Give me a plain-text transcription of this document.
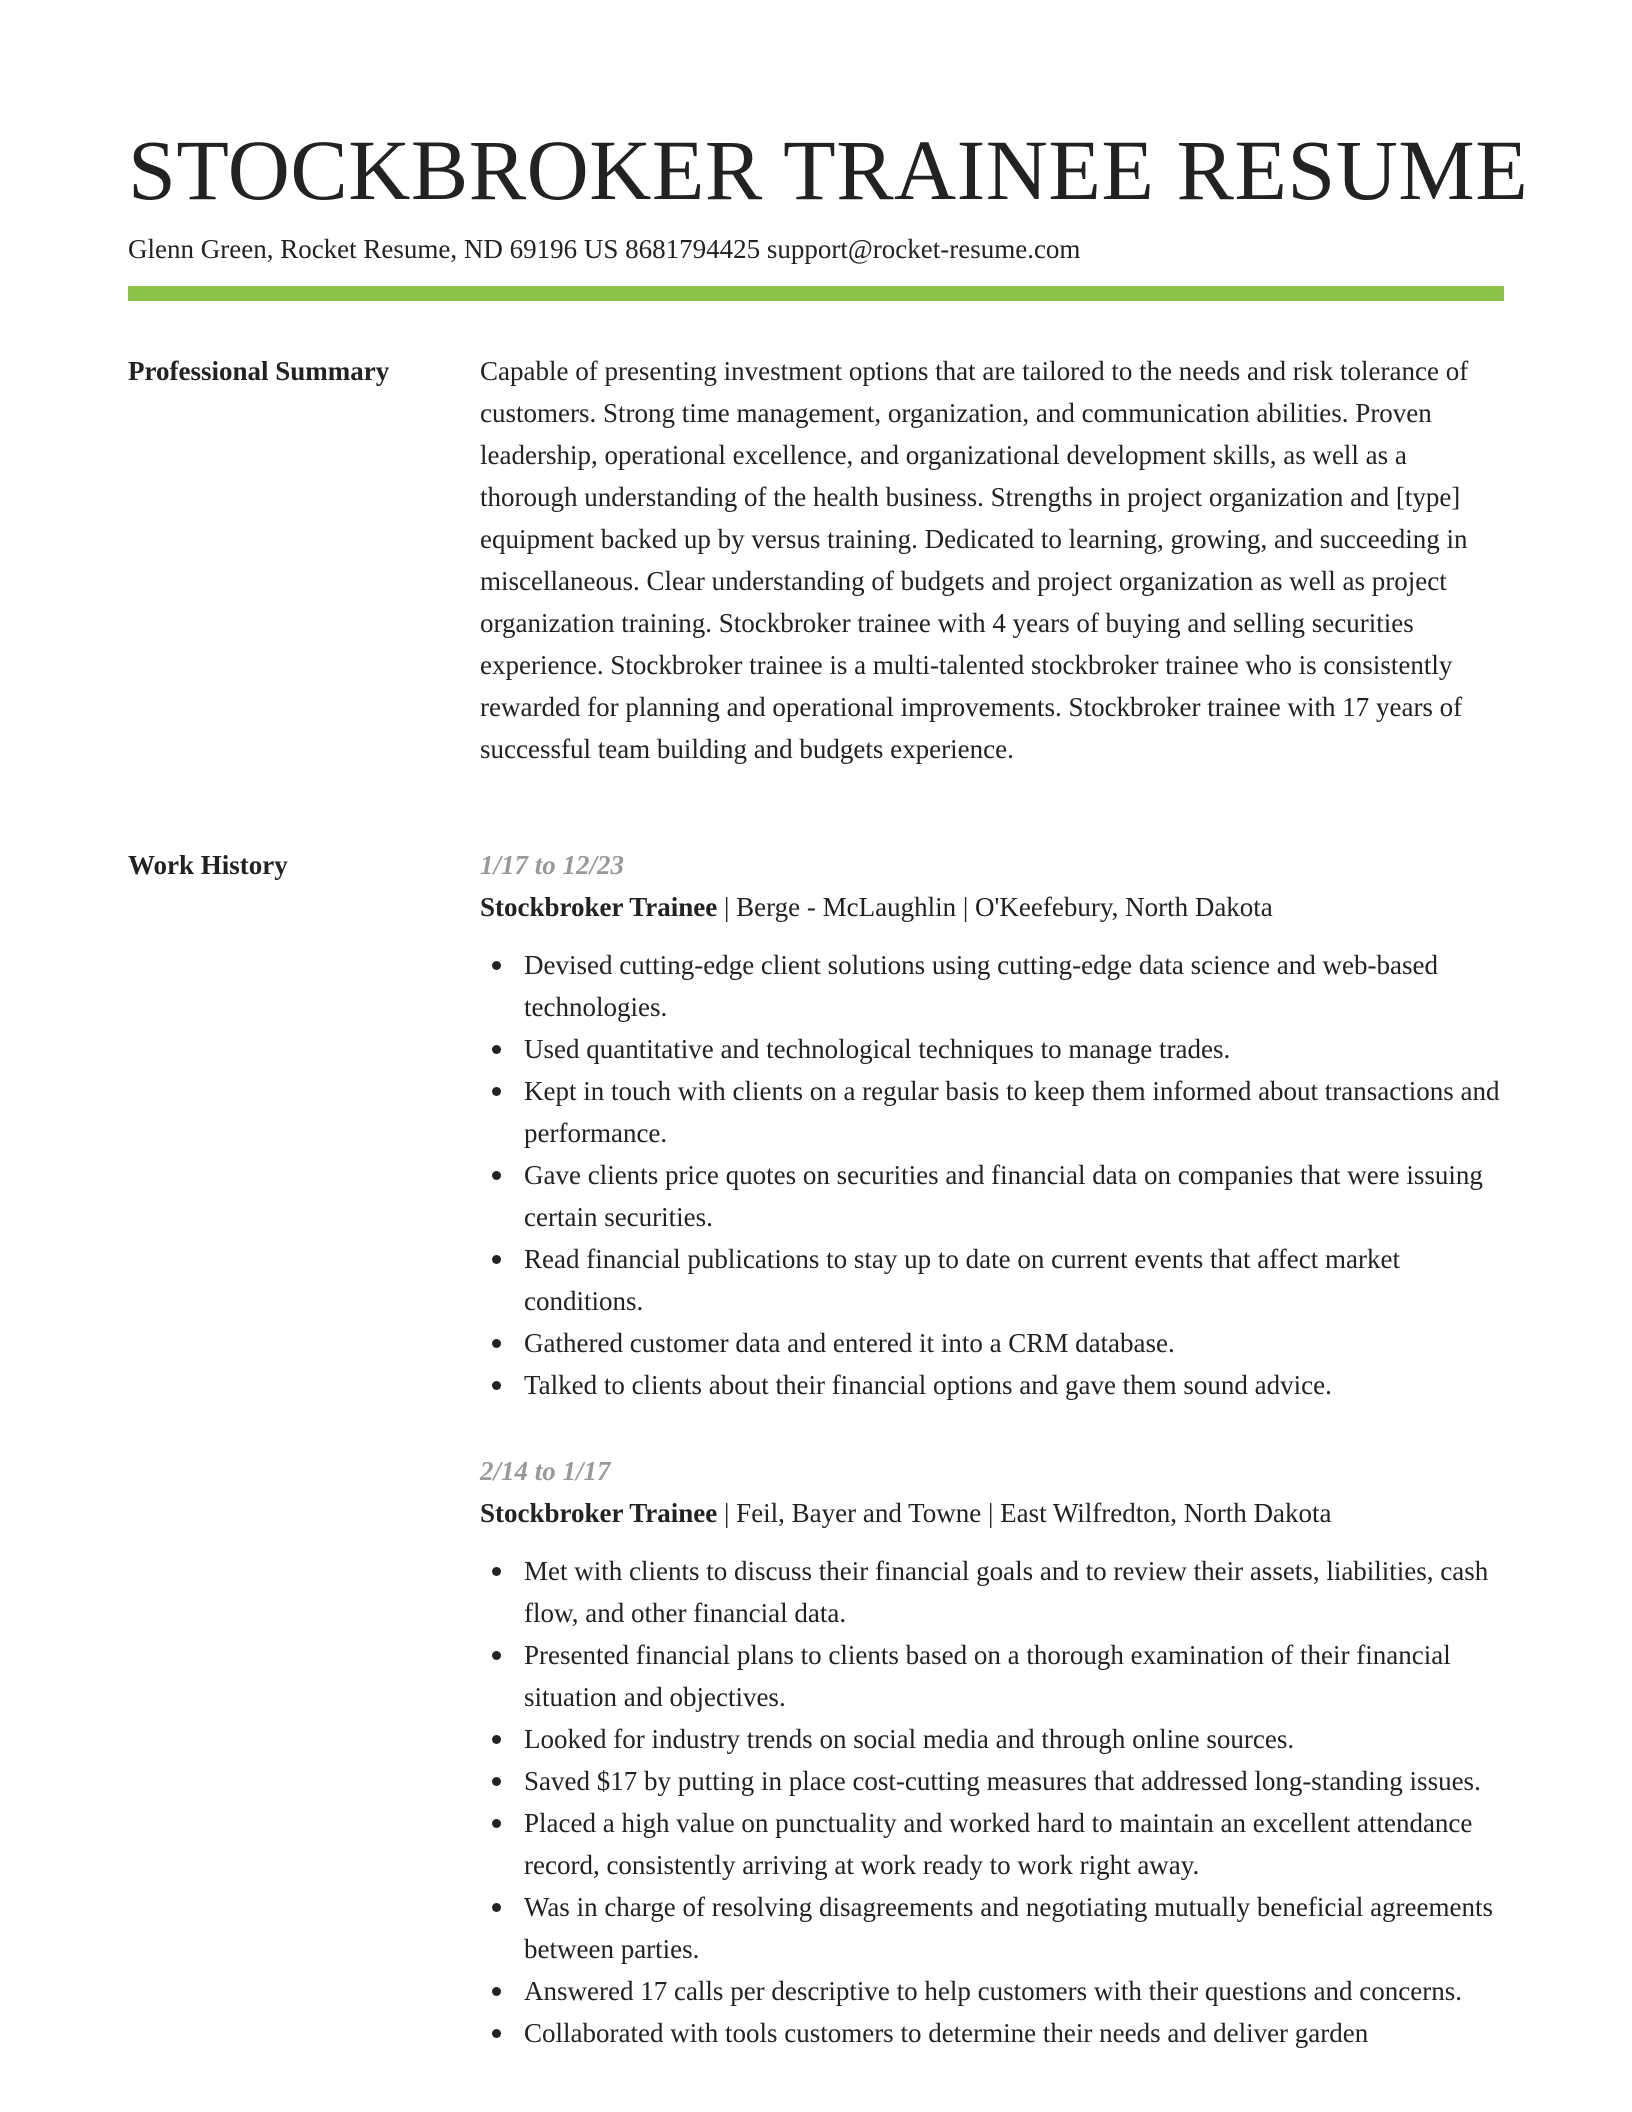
STOCKBROKER TRAINEE RESUME
Glenn Green, Rocket Resume, ND 69196 US 8681794425 support@rocket-resume.com
Professional Summary	Capable of presenting investment options that are tailored to the needs and risk tolerance of customers. Strong time management, organization, and communication abilities. Proven leadership, operational excellence, and organizational development skills, as well as a thorough understanding of the health business. Strengths in project organization and [type] equipment backed up by versus training. Dedicated to learning, growing, and succeeding in miscellaneous. Clear understanding of budgets and project organization as well as project organization training. Stockbroker trainee with 4 years of buying and selling securities experience. Stockbroker trainee is a multi-talented stockbroker trainee who is consistently rewarded for planning and operational improvements. Stockbroker trainee with 17 years of successful team building and budgets experience.

Work History	1/17 to 12/23
Stockbroker Trainee | Berge - McLaughlin | O'Keefebury, North Dakota
Devised cutting-edge client solutions using cutting-edge data science and web-based technologies.
Used quantitative and technological techniques to manage trades.
Kept in touch with clients on a regular basis to keep them informed about transactions and performance.
Gave clients price quotes on securities and financial data on companies that were issuing certain securities.
Read financial publications to stay up to date on current events that affect market conditions.
Gathered customer data and entered it into a CRM database.
Talked to clients about their financial options and gave them sound advice.
2/14 to 1/17
Stockbroker Trainee | Feil, Bayer and Towne | East Wilfredton, North Dakota
Met with clients to discuss their financial goals and to review their assets, liabilities, cash flow, and other financial data.
Presented financial plans to clients based on a thorough examination of their financial situation and objectives.
Looked for industry trends on social media and through online sources.
Saved $17 by putting in place cost-cutting measures that addressed long-standing issues.
Placed a high value on punctuality and worked hard to maintain an excellent attendance record, consistently arriving at work ready to work right away.
Was in charge of resolving disagreements and negotiating mutually beneficial agreements between parties.
Answered 17 calls per descriptive to help customers with their questions and concerns.
Collaborated with tools customers to determine their needs and deliver garden
